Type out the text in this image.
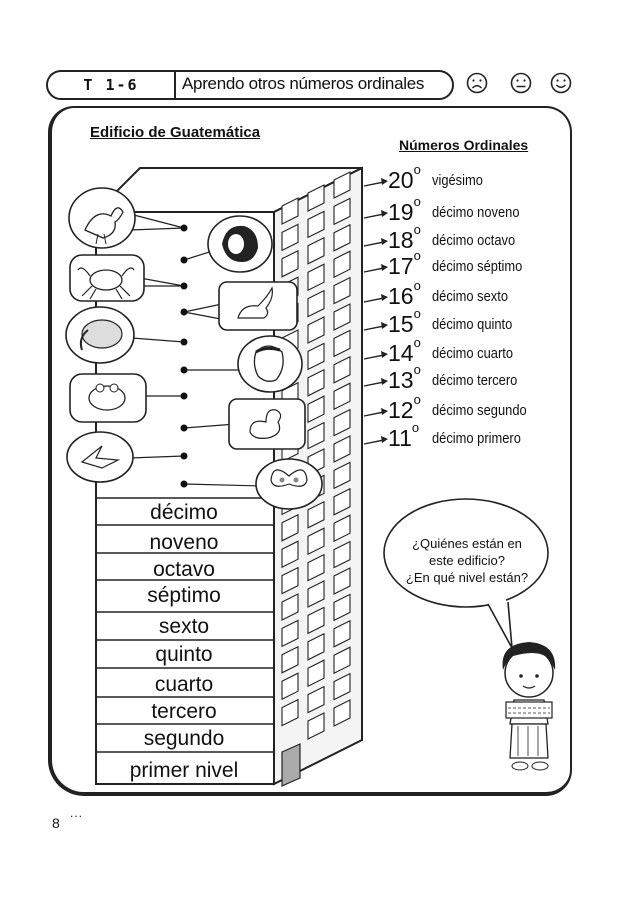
T 1-6	Aprendo otros números ordinales
Edificio de Guatemática
Números Ordinales
décimo
noveno
octavo
séptimo
sexto
quinto
cuarto
tercero
segundo
primer nivel
20 o
vigésimo
19 o
décimo noveno
18 o
décimo octavo
17 o
décimo séptimo
16 o
décimo sexto
15 o
décimo quinto
14 o
décimo cuarto
13 o
décimo tercero
12 o
décimo segundo
11 o
décimo primero
¿Quiénes están en
este edificio?
¿En qué nivel están?
8
...
